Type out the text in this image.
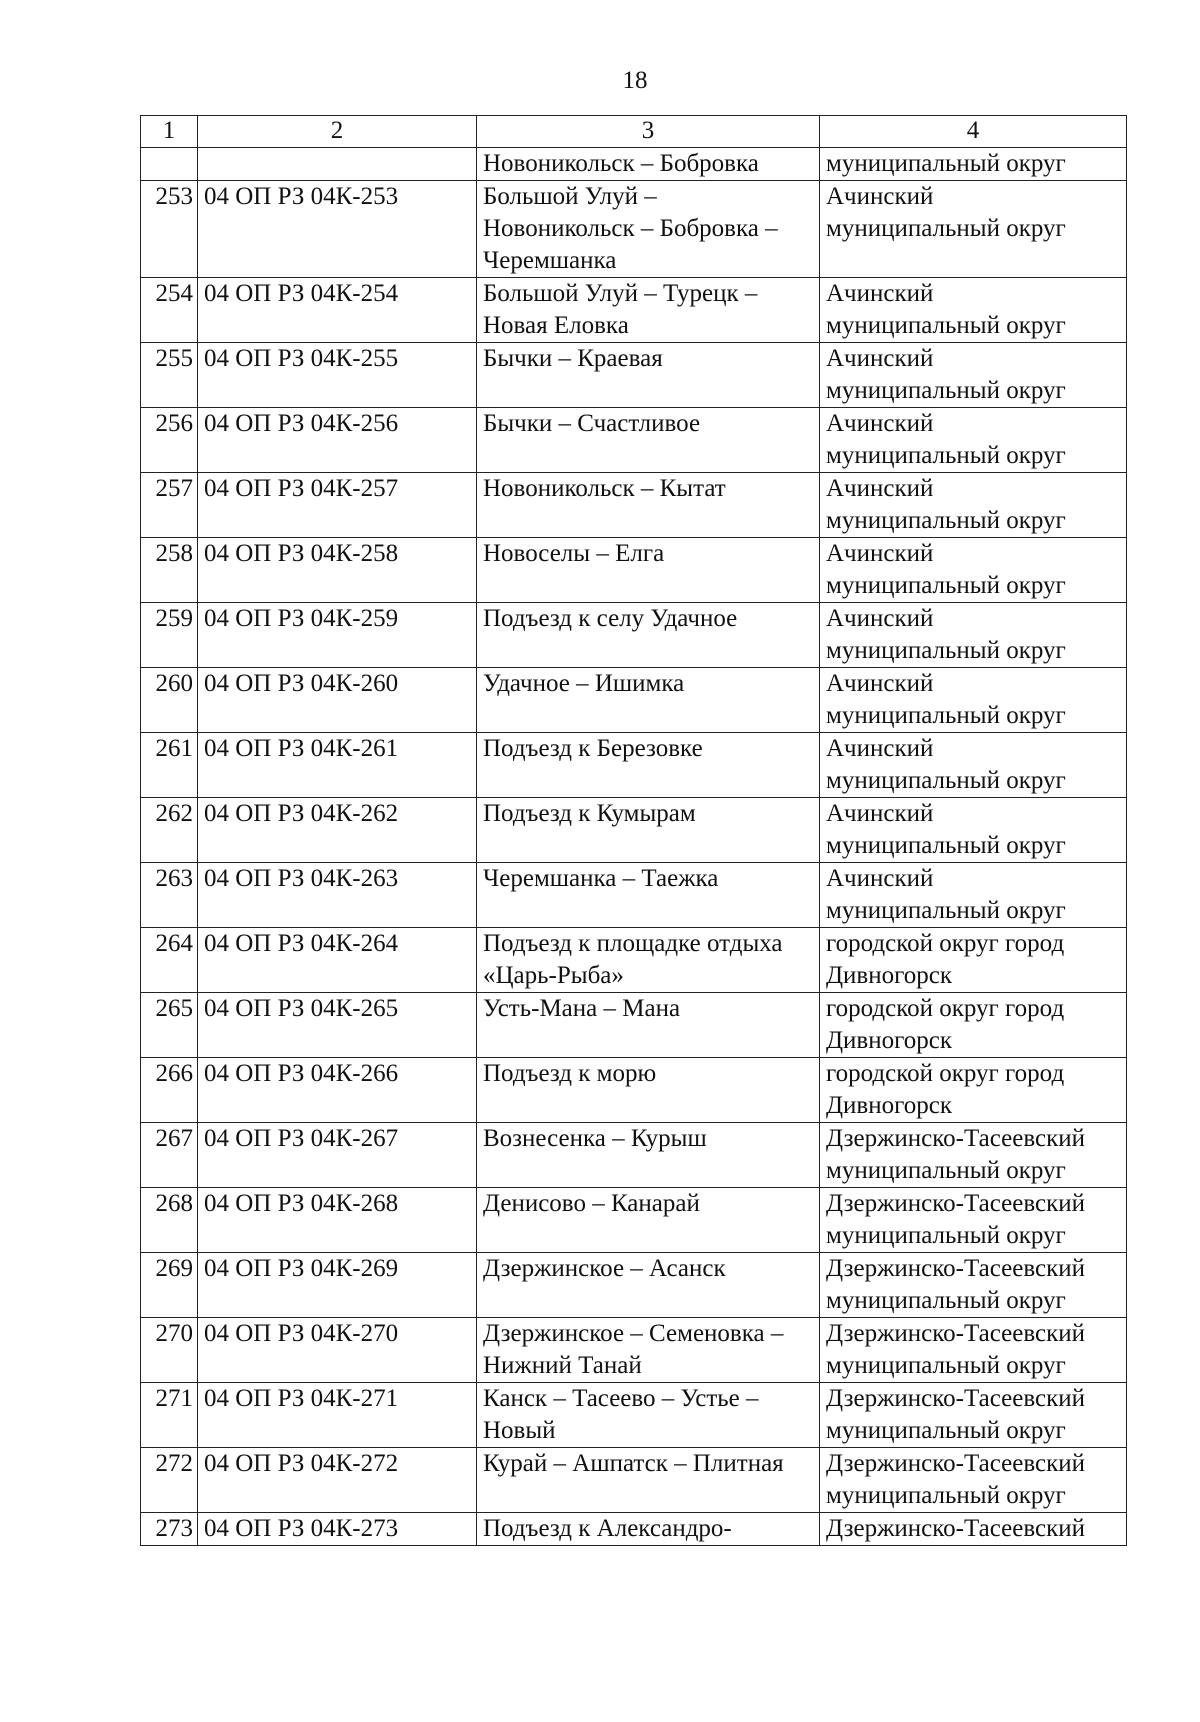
18
1	2	3	4
		Новоникольск – Бобровка	муниципальный округ
253	04 ОП РЗ 04К-253	Большой Улуй –
Новоникольск – Бобровка –
Черемшанка	Ачинский
муниципальный округ
254	04 ОП РЗ 04К-254	Большой Улуй – Турецк –
Новая Еловка	Ачинский
муниципальный округ
255	04 ОП РЗ 04К-255	Бычки – Краевая	Ачинский
муниципальный округ
256	04 ОП РЗ 04К-256	Бычки – Счастливое	Ачинский
муниципальный округ
257	04 ОП РЗ 04К-257	Новоникольск – Кытат	Ачинский
муниципальный округ
258	04 ОП РЗ 04К-258	Новоселы – Елга	Ачинский
муниципальный округ
259	04 ОП РЗ 04К-259	Подъезд к селу Удачное	Ачинский
муниципальный округ
260	04 ОП РЗ 04К-260	Удачное – Ишимка	Ачинский
муниципальный округ
261	04 ОП РЗ 04К-261	Подъезд к Березовке	Ачинский
муниципальный округ
262	04 ОП РЗ 04К-262	Подъезд к Кумырам	Ачинский
муниципальный округ
263	04 ОП РЗ 04К-263	Черемшанка – Таежка	Ачинский
муниципальный округ
264	04 ОП РЗ 04К-264	Подъезд к площадке отдыха
«Царь-Рыба»	городской округ город
Дивногорск
265	04 ОП РЗ 04К-265	Усть-Мана – Мана	городской округ город
Дивногорск
266	04 ОП РЗ 04К-266	Подъезд к морю	городской округ город
Дивногорск
267	04 ОП РЗ 04К-267	Вознесенка – Курыш	Дзержинско-Тасеевский
муниципальный округ
268	04 ОП РЗ 04К-268	Денисово – Канарай	Дзержинско-Тасеевский
муниципальный округ
269	04 ОП РЗ 04К-269	Дзержинское – Асанск	Дзержинско-Тасеевский
муниципальный округ
270	04 ОП РЗ 04К-270	Дзержинское – Семеновка –
Нижний Танай	Дзержинско-Тасеевский
муниципальный округ
271	04 ОП РЗ 04К-271	Канск – Тасеево – Устье –
Новый	Дзержинско-Тасеевский
муниципальный округ
272	04 ОП РЗ 04К-272	Курай – Ашпатск – Плитная	Дзержинско-Тасеевский
муниципальный округ
273	04 ОП РЗ 04К-273	Подъезд к Александро-	Дзержинско-Тасеевский
